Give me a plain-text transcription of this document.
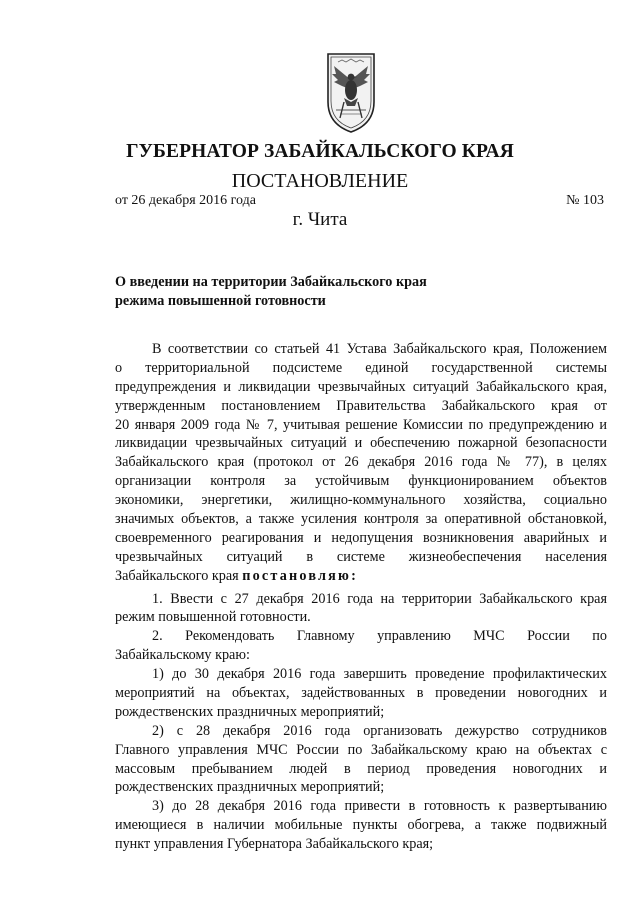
ГУБЕРНАТОР ЗАБАЙКАЛЬСКОГО КРАЯ
ПОСТАНОВЛЕНИЕ
от 26 декабря 2016 года	№ 103
г. Чита
О введении на территории Забайкальского края
режима повышенной готовности
В соответствии со статьей 41 Устава Забайкальского края, Положением
о территориальной подсистеме единой государственной системы
предупреждения и ликвидации чрезвычайных ситуаций Забайкальского края,
утвержденным постановлением Правительства Забайкальского края от
20 января 2009 года № 7, учитывая решение Комиссии по предупреждению и
ликвидации чрезвычайных ситуаций и обеспечению пожарной безопасности
Забайкальского края (протокол от 26 декабря 2016 года № 77), в целях
организации контроля за устойчивым функционированием объектов
экономики, энергетики, жилищно-коммунального хозяйства, социально
значимых объектов, а также усиления контроля за оперативной обстановкой,
своевременного реагирования и недопущения возникновения аварийных и
чрезвычайных ситуаций в системе жизнеобеспечения населения
Забайкальского края постановляю:
1. Ввести с 27 декабря 2016 года на территории Забайкальского края
режим повышенной готовности.
2. Рекомендовать Главному управлению МЧС России по
Забайкальскому краю:
1) до 30 декабря 2016 года завершить проведение профилактических
мероприятий на объектах, задействованных в проведении новогодних и
рождественских праздничных мероприятий;
2) с 28 декабря 2016 года организовать дежурство сотрудников
Главного управления МЧС России по Забайкальскому краю на объектах с
массовым пребыванием людей в период проведения новогодних и
рождественских праздничных мероприятий;
3) до 28 декабря 2016 года привести в готовность к развертыванию
имеющиеся в наличии мобильные пункты обогрева, а также подвижный
пункт управления Губернатора Забайкальского края;
